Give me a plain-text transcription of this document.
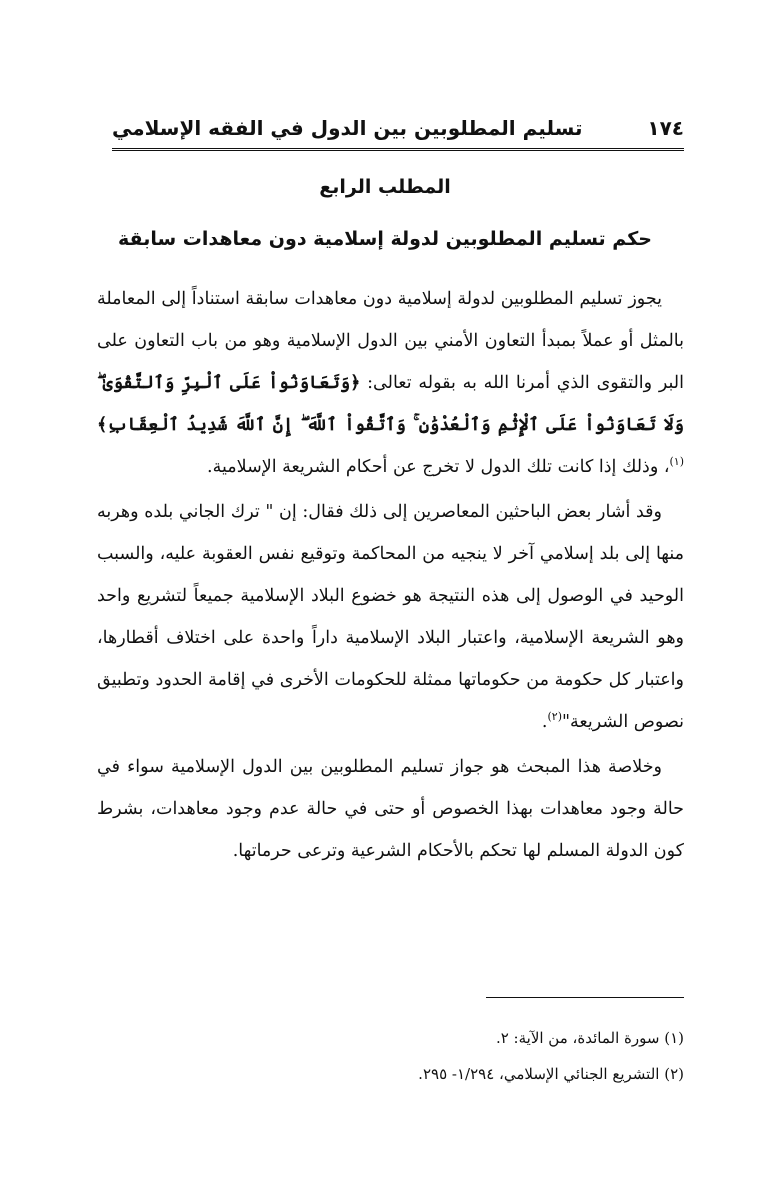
١٧٤
تسليم المطلوبين بين الدول في الفقه الإسلامي
المطلب الرابع
حكم تسليم المطلوبين لدولة إسلامية دون معاهدات سابقة

يجوز تسليم المطلوبين لدولة إسلامية دون معاهدات سابقة استناداً إلى المعاملة بالمثل أو عملاً بمبدأ التعاون الأمني بين الدول الإسلامية وهو من باب التعاون على البر والتقوى الذي أمرنا الله به بقوله تعالى: ﴿وَتَعَاوَنُواْ عَلَى ٱلْبِرِّ وَٱلتَّقْوَىٰ ۖ وَلَا تَعَاوَنُواْ عَلَى ٱلْإِثْمِ وَٱلْعُدْوَٰنِ ۚ وَٱتَّقُواْ ٱللَّهَ ۖ إِنَّ ٱللَّهَ شَدِيدُ ٱلْعِقَابِ﴾$^{(١)}$، وذلك إذا كانت تلك الدول لا تخرج عن أحكام الشريعة الإسلامية.

وقد أشار بعض الباحثين المعاصرين إلى ذلك فقال: إن " ترك الجاني بلده وهربه منها إلى بلد إسلامي آخر لا ينجيه من المحاكمة وتوقيع نفس العقوبة عليه، والسبب الوحيد في الوصول إلى هذه النتيجة هو خضوع البلاد الإسلامية جميعاً لتشريع واحد وهو الشريعة الإسلامية، واعتبار البلاد الإسلامية داراً واحدة على اختلاف أقطارها، واعتبار كل حكومة من حكوماتها ممثلة للحكومات الأخرى في إقامة الحدود وتطبيق نصوص الشريعة"$^{(٢)}$.

وخلاصة هذا المبحث هو جواز تسليم المطلوبين بين الدول الإسلامية سواء في حالة وجود معاهدات بهذا الخصوص أو حتى في حالة عدم وجود معاهدات، بشرط كون الدولة المسلم لها تحكم بالأحكام الشرعية وترعى حرماتها.

(١) سورة المائدة، من الآية: ٢.
(٢) التشريع الجنائي الإسلامي، ١/٢٩٤- ٢٩٥.
